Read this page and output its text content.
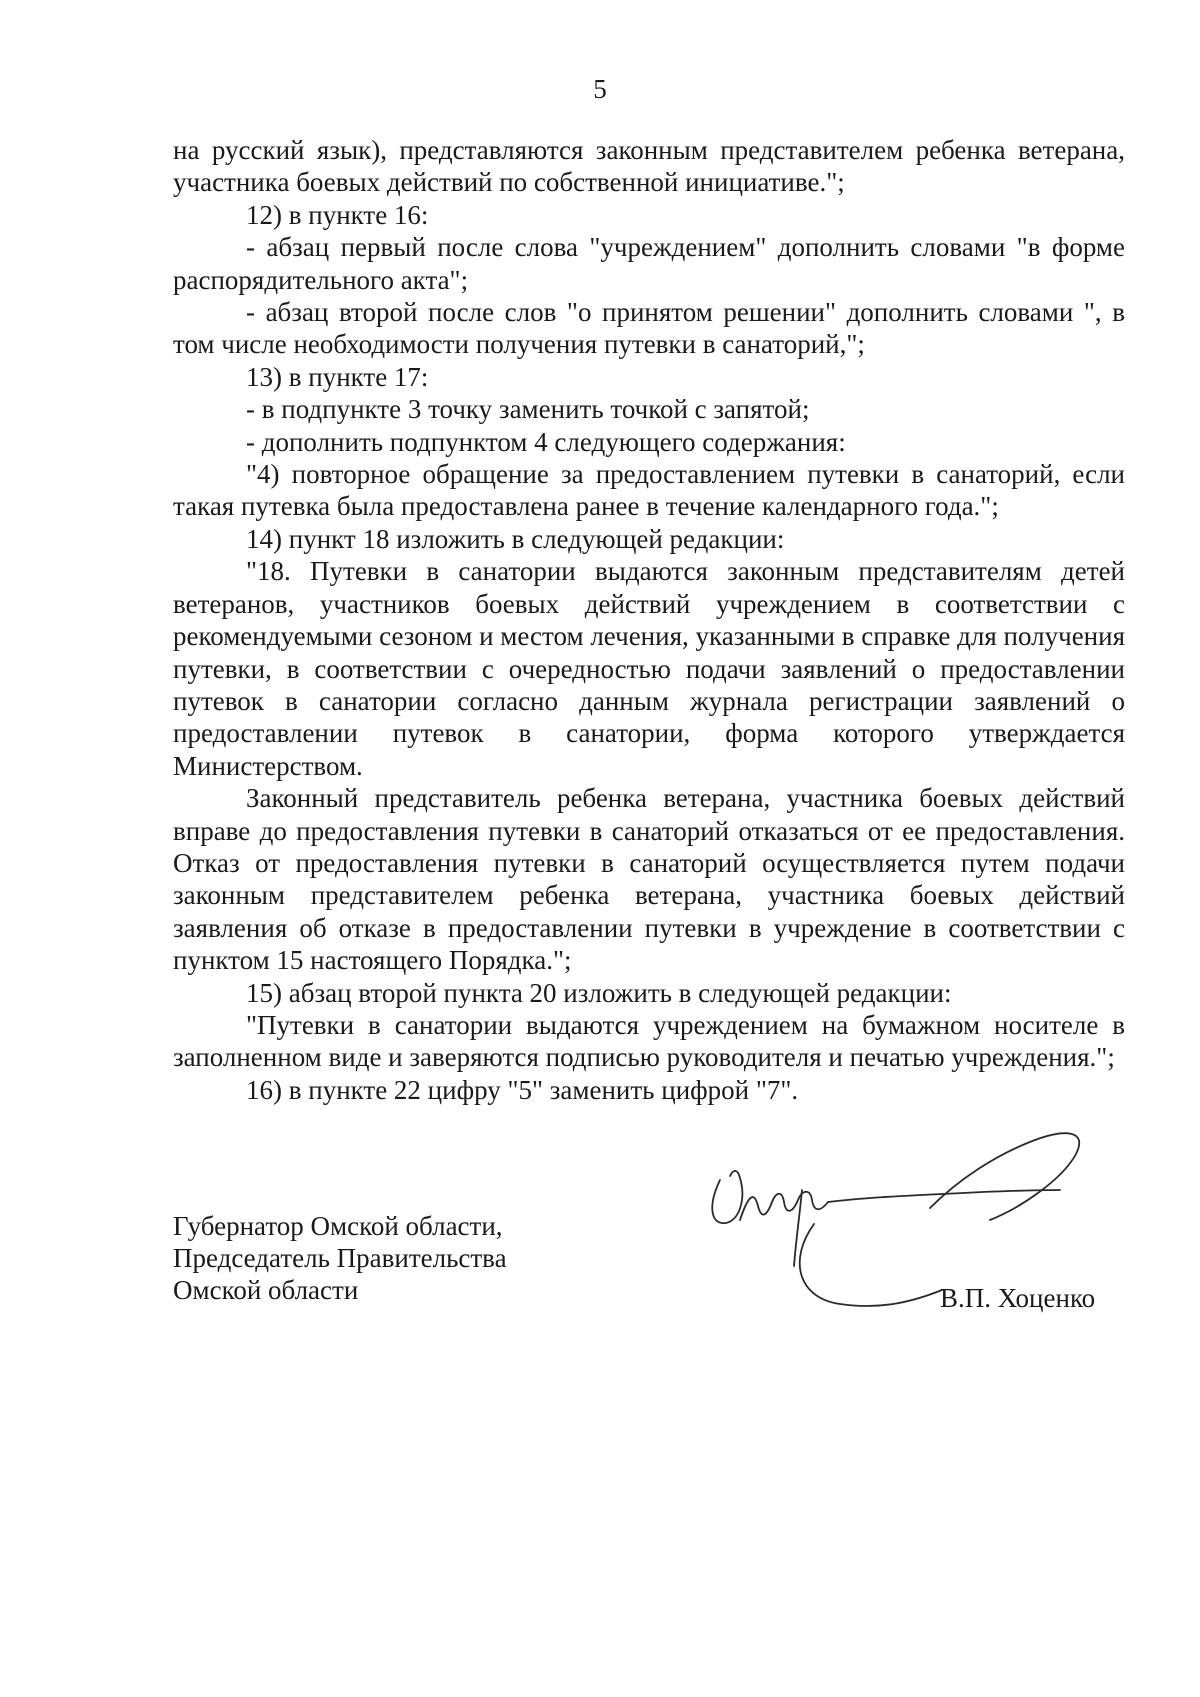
5

на русский язык), представляются законным представителем ребенка ветерана, участника боевых действий по собственной инициативе.";

12) в пункте 16:

- абзац первый после слова "учреждением" дополнить словами "в форме распорядительного акта";

- абзац второй после слов "о принятом решении" дополнить словами ", в том числе необходимости получения путевки в санаторий,";

13) в пункте 17:

- в подпункте 3 точку заменить точкой с запятой;

- дополнить подпунктом 4 следующего содержания:

"4) повторное обращение за предоставлением путевки в санаторий, если такая путевка была предоставлена ранее в течение календарного года.";

14) пункт 18 изложить в следующей редакции:

"18. Путевки в санатории выдаются законным представителям детей ветеранов, участников боевых действий учреждением в соответствии с рекомендуемыми сезоном и местом лечения, указанными в справке для получения путевки, в соответствии с очередностью подачи заявлений о предоставлении путевок в санатории согласно данным журнала регистрации заявлений о предоставлении путевок в санатории, форма которого утверждается Министерством.

Законный представитель ребенка ветерана, участника боевых действий вправе до предоставления путевки в санаторий отказаться от ее предоставления. Отказ от предоставления путевки в санаторий осуществляется путем подачи законным представителем ребенка ветерана, участника боевых действий заявления об отказе в предоставлении путевки в учреждение в соответствии с пунктом 15 настоящего Порядка.";

15) абзац второй пункта 20 изложить в следующей редакции:

"Путевки в санатории выдаются учреждением на бумажном носителе в заполненном виде и заверяются подписью руководителя и печатью учреждения.";

16) в пункте 22 цифру "5" заменить цифрой "7".

Губернатор Омской области,
Председатель Правительства
Омской области	В.П. Хоценко
